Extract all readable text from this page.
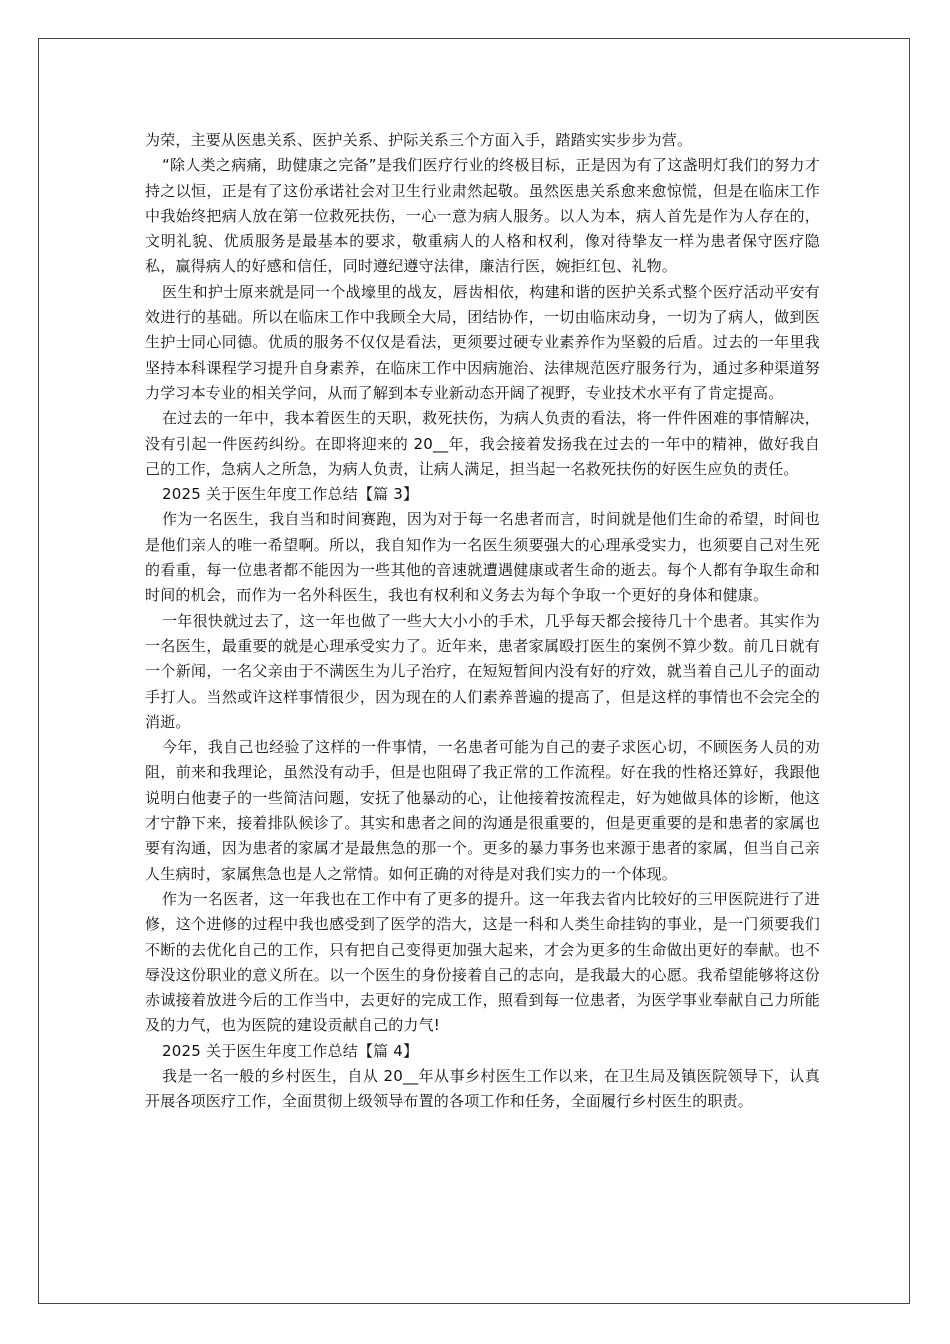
为荣，主要从医患关系、医护关系、护际关系三个方面入手，踏踏实实步步为营。

“除人类之病痛，助健康之完备”是我们医疗行业的终极目标，正是因为有了这盏明灯我们的努力才持之以恒，正是有了这份承诺社会对卫生行业肃然起敬。虽然医患关系愈来愈惊慌，但是在临床工作中我始终把病人放在第一位救死扶伤，一心一意为病人服务。以人为本，病人首先是作为人存在的，文明礼貌、优质服务是最基本的要求，敬重病人的人格和权利，像对待挚友一样为患者保守医疗隐私，赢得病人的好感和信任，同时遵纪遵守法律，廉洁行医，婉拒红包、礼物。

医生和护士原来就是同一个战壕里的战友，唇齿相依，构建和谐的医护关系式整个医疗活动平安有效进行的基础。所以在临床工作中我顾全大局，团结协作，一切由临床动身，一切为了病人，做到医生护士同心同德。优质的服务不仅仅是看法，更须要过硬专业素养作为坚毅的后盾。过去的一年里我坚持本科课程学习提升自身素养，在临床工作中因病施治、法律规范医疗服务行为，通过多种渠道努力学习本专业的相关学问，从而了解到本专业新动态开阔了视野，专业技术水平有了肯定提高。

在过去的一年中，我本着医生的天职，救死扶伤，为病人负责的看法，将一件件困难的事情解决，没有引起一件医药纠纷。在即将迎来的 20__年，我会接着发扬我在过去的一年中的精神，做好我自己的工作，急病人之所急，为病人负责，让病人满足，担当起一名救死扶伤的好医生应负的责任。

2025 关于医生年度工作总结【篇 3】

作为一名医生，我自当和时间赛跑，因为对于每一名患者而言，时间就是他们生命的希望，时间也是他们亲人的唯一希望啊。所以，我自知作为一名医生须要强大的心理承受实力，也须要自己对生死的看重，每一位患者都不能因为一些其他的音速就遭遇健康或者生命的逝去。每个人都有争取生命和时间的机会，而作为一名外科医生，我也有权利和义务去为每个争取一个更好的身体和健康。

一年很快就过去了，这一年也做了一些大大小小的手术，几乎每天都会接待几十个患者。其实作为一名医生，最重要的就是心理承受实力了。近年来，患者家属殴打医生的案例不算少数。前几日就有一个新闻，一名父亲由于不满医生为儿子治疗，在短短暂间内没有好的疗效，就当着自己儿子的面动手打人。当然或许这样事情很少，因为现在的人们素养普遍的提高了，但是这样的事情也不会完全的消逝。

今年，我自己也经验了这样的一件事情，一名患者可能为自己的妻子求医心切，不顾医务人员的劝阻，前来和我理论，虽然没有动手，但是也阻碍了我正常的工作流程。好在我的性格还算好，我跟他说明白他妻子的一些简洁问题，安抚了他暴动的心，让他接着按流程走，好为她做具体的诊断，他这才宁静下来，接着排队候诊了。其实和患者之间的沟通是很重要的，但是更重要的是和患者的家属也要有沟通，因为患者的家属才是最焦急的那一个。更多的暴力事务也来源于患者的家属，但当自己亲人生病时，家属焦急也是人之常情。如何正确的对待是对我们实力的一个体现。

作为一名医者，这一年我也在工作中有了更多的提升。这一年我去省内比较好的三甲医院进行了进修，这个进修的过程中我也感受到了医学的浩大，这是一科和人类生命挂钩的事业，是一门须要我们不断的去优化自己的工作，只有把自己变得更加强大起来，才会为更多的生命做出更好的奉献。也不辱没这份职业的意义所在。以一个医生的身份接着自己的志向，是我最大的心愿。我希望能够将这份赤诚接着放进今后的工作当中，去更好的完成工作，照看到每一位患者，为医学事业奉献自己力所能及的力气，也为医院的建设贡献自己的力气!

2025 关于医生年度工作总结【篇 4】

我是一名一般的乡村医生，自从 20__年从事乡村医生工作以来，在卫生局及镇医院领导下，认真开展各项医疗工作，全面贯彻上级领导布置的各项工作和任务，全面履行乡村医生的职责。
